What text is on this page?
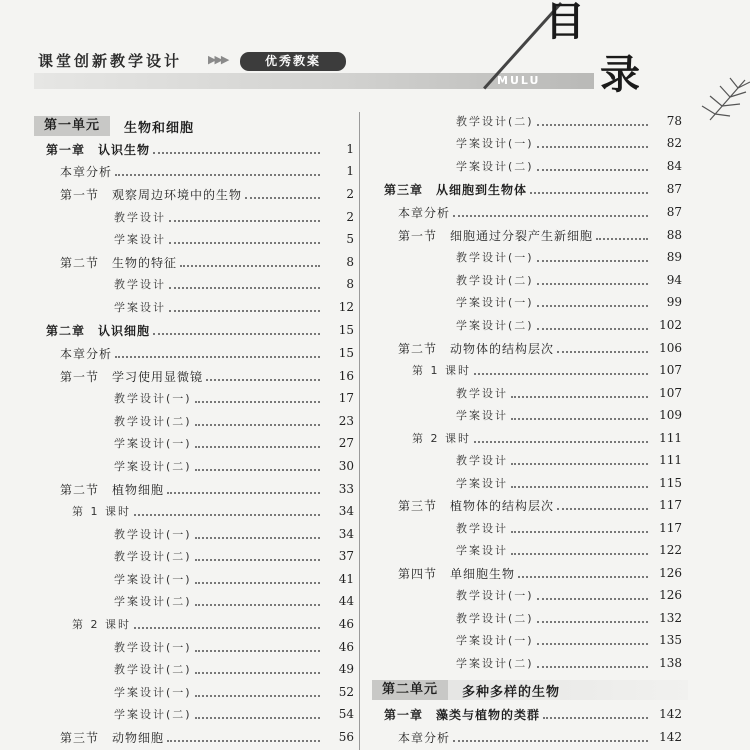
课堂创新教学设计 ▶▶▶	优秀教案
MULU
目
录
第一单元	生物和细胞
第一章　认识生物	1
本章分析	1
第一节　观察周边环境中的生物	2
教学设计	2
学案设计	5
第二节　生物的特征	8
教学设计	8
学案设计	12
第二章　认识细胞	15
本章分析	15
第一节　学习使用显微镜	16
教学设计(一)	17
教学设计(二)	23
学案设计(一)	27
学案设计(二)	30
第二节　植物细胞	33
第 1 课时	34
教学设计(一)	34
教学设计(二)	37
学案设计(一)	41
学案设计(二)	44
第 2 课时	46
教学设计(一)	46
教学设计(二)	49
学案设计(一)	52
学案设计(二)	54
第三节　动物细胞	56
教学设计(二)	78
学案设计(一)	82
学案设计(二)	84
第三章　从细胞到生物体	87
本章分析	87
第一节　细胞通过分裂产生新细胞	88
教学设计(一)	89
教学设计(二)	94
学案设计(一)	99
学案设计(二)	102
第二节　动物体的结构层次	106
第 1 课时	107
教学设计	107
学案设计	109
第 2 课时	111
教学设计	111
学案设计	115
第三节　植物体的结构层次	117
教学设计	117
学案设计	122
第四节　单细胞生物	126
教学设计(一)	126
教学设计(二)	132
学案设计(一)	135
学案设计(二)	138
第二单元	多种多样的生物
第一章　藻类与植物的类群	142
本章分析	142
